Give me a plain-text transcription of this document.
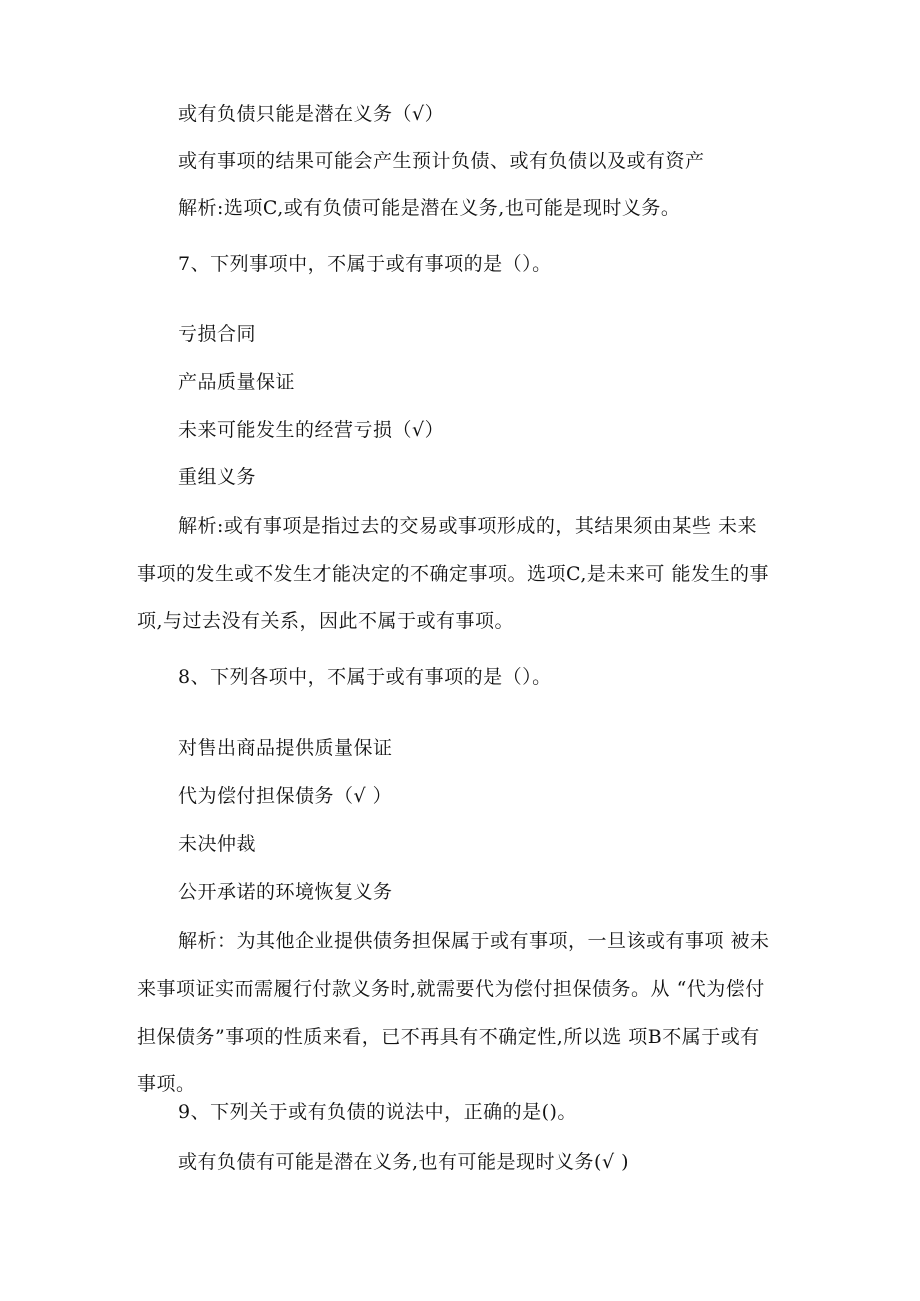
或有负债只能是潜在义务（√）
或有事项的结果可能会产生预计负债、或有负债以及或有资产
解析:选项C,或有负债可能是潜在义务,也可能是现时义务。
7、下列事项中，不属于或有事项的是（）。
亏损合同
产品质量保证
未来可能发生的经营亏损（√）
重组义务
解析:或有事项是指过去的交易或事项形成的，其结果须由某些 未来
事项的发生或不发生才能决定的不确定事项。选项C,是未来可 能发生的事
项,与过去没有关系，因此不属于或有事项。
8、下列各项中，不属于或有事项的是（）。
对售出商品提供质量保证
代为偿付担保债务（√ ）
未决仲裁
公开承诺的环境恢复义务
解析：为其他企业提供债务担保属于或有事项，一旦该或有事项 被未
来事项证实而需履行付款义务时,就需要代为偿付担保债务。从 “代为偿付
担保债务”事项的性质来看，已不再具有不确定性,所以选 项B不属于或有
事项。
9、下列关于或有负债的说法中，正确的是()。
或有负债有可能是潜在义务,也有可能是现时义务(√ )
